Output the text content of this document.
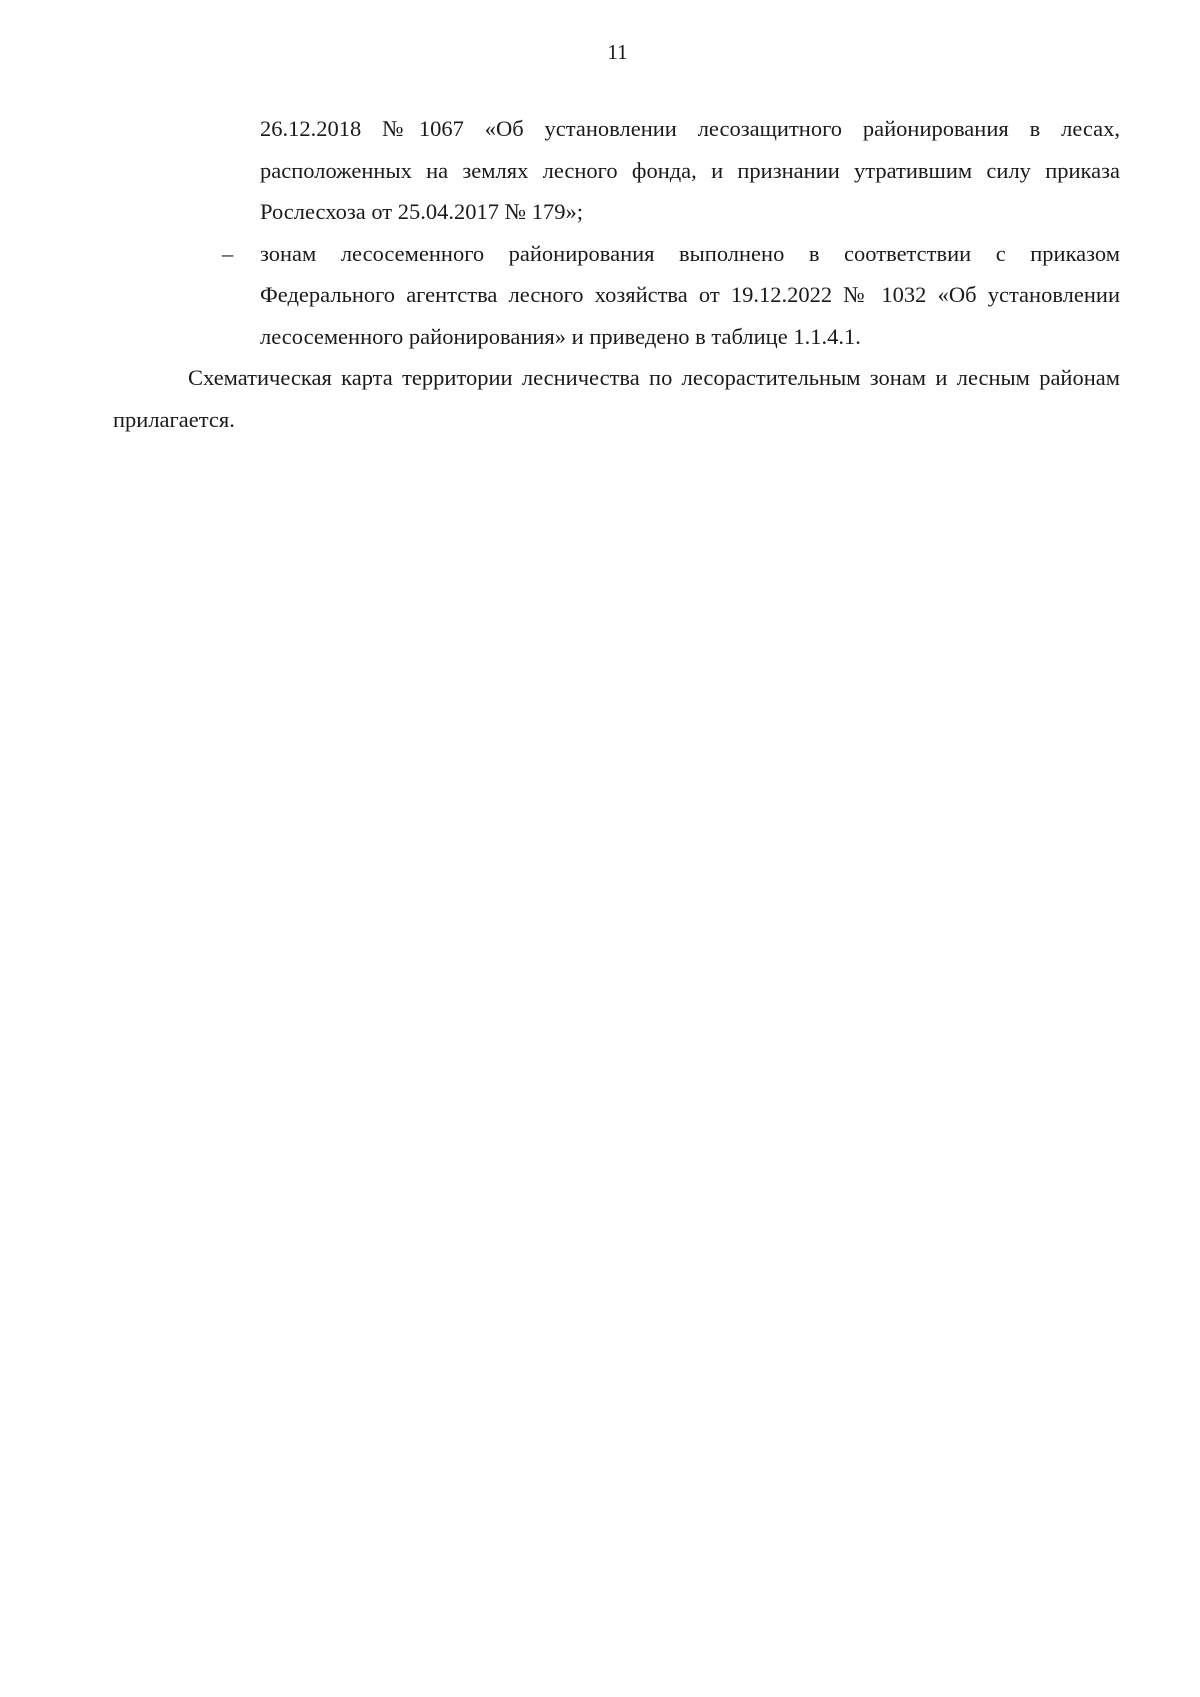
11
26.12.2018 №1067 «Об установлении лесозащитного районирования в лесах, расположенных на землях лесного фонда, и признании утратившим силу приказа Рослесхоза от 25.04.2017 № 179»;
– зонам лесосеменного районирования выполнено в соответствии с приказом Федерального агентства лесного хозяйства от 19.12.2022 № 1032 «Об установлении лесосеменного районирования» и приведено в таблице 1.1.4.1.
Схематическая карта территории лесничества по лесорастительным зонам и лесным районам прилагается.
